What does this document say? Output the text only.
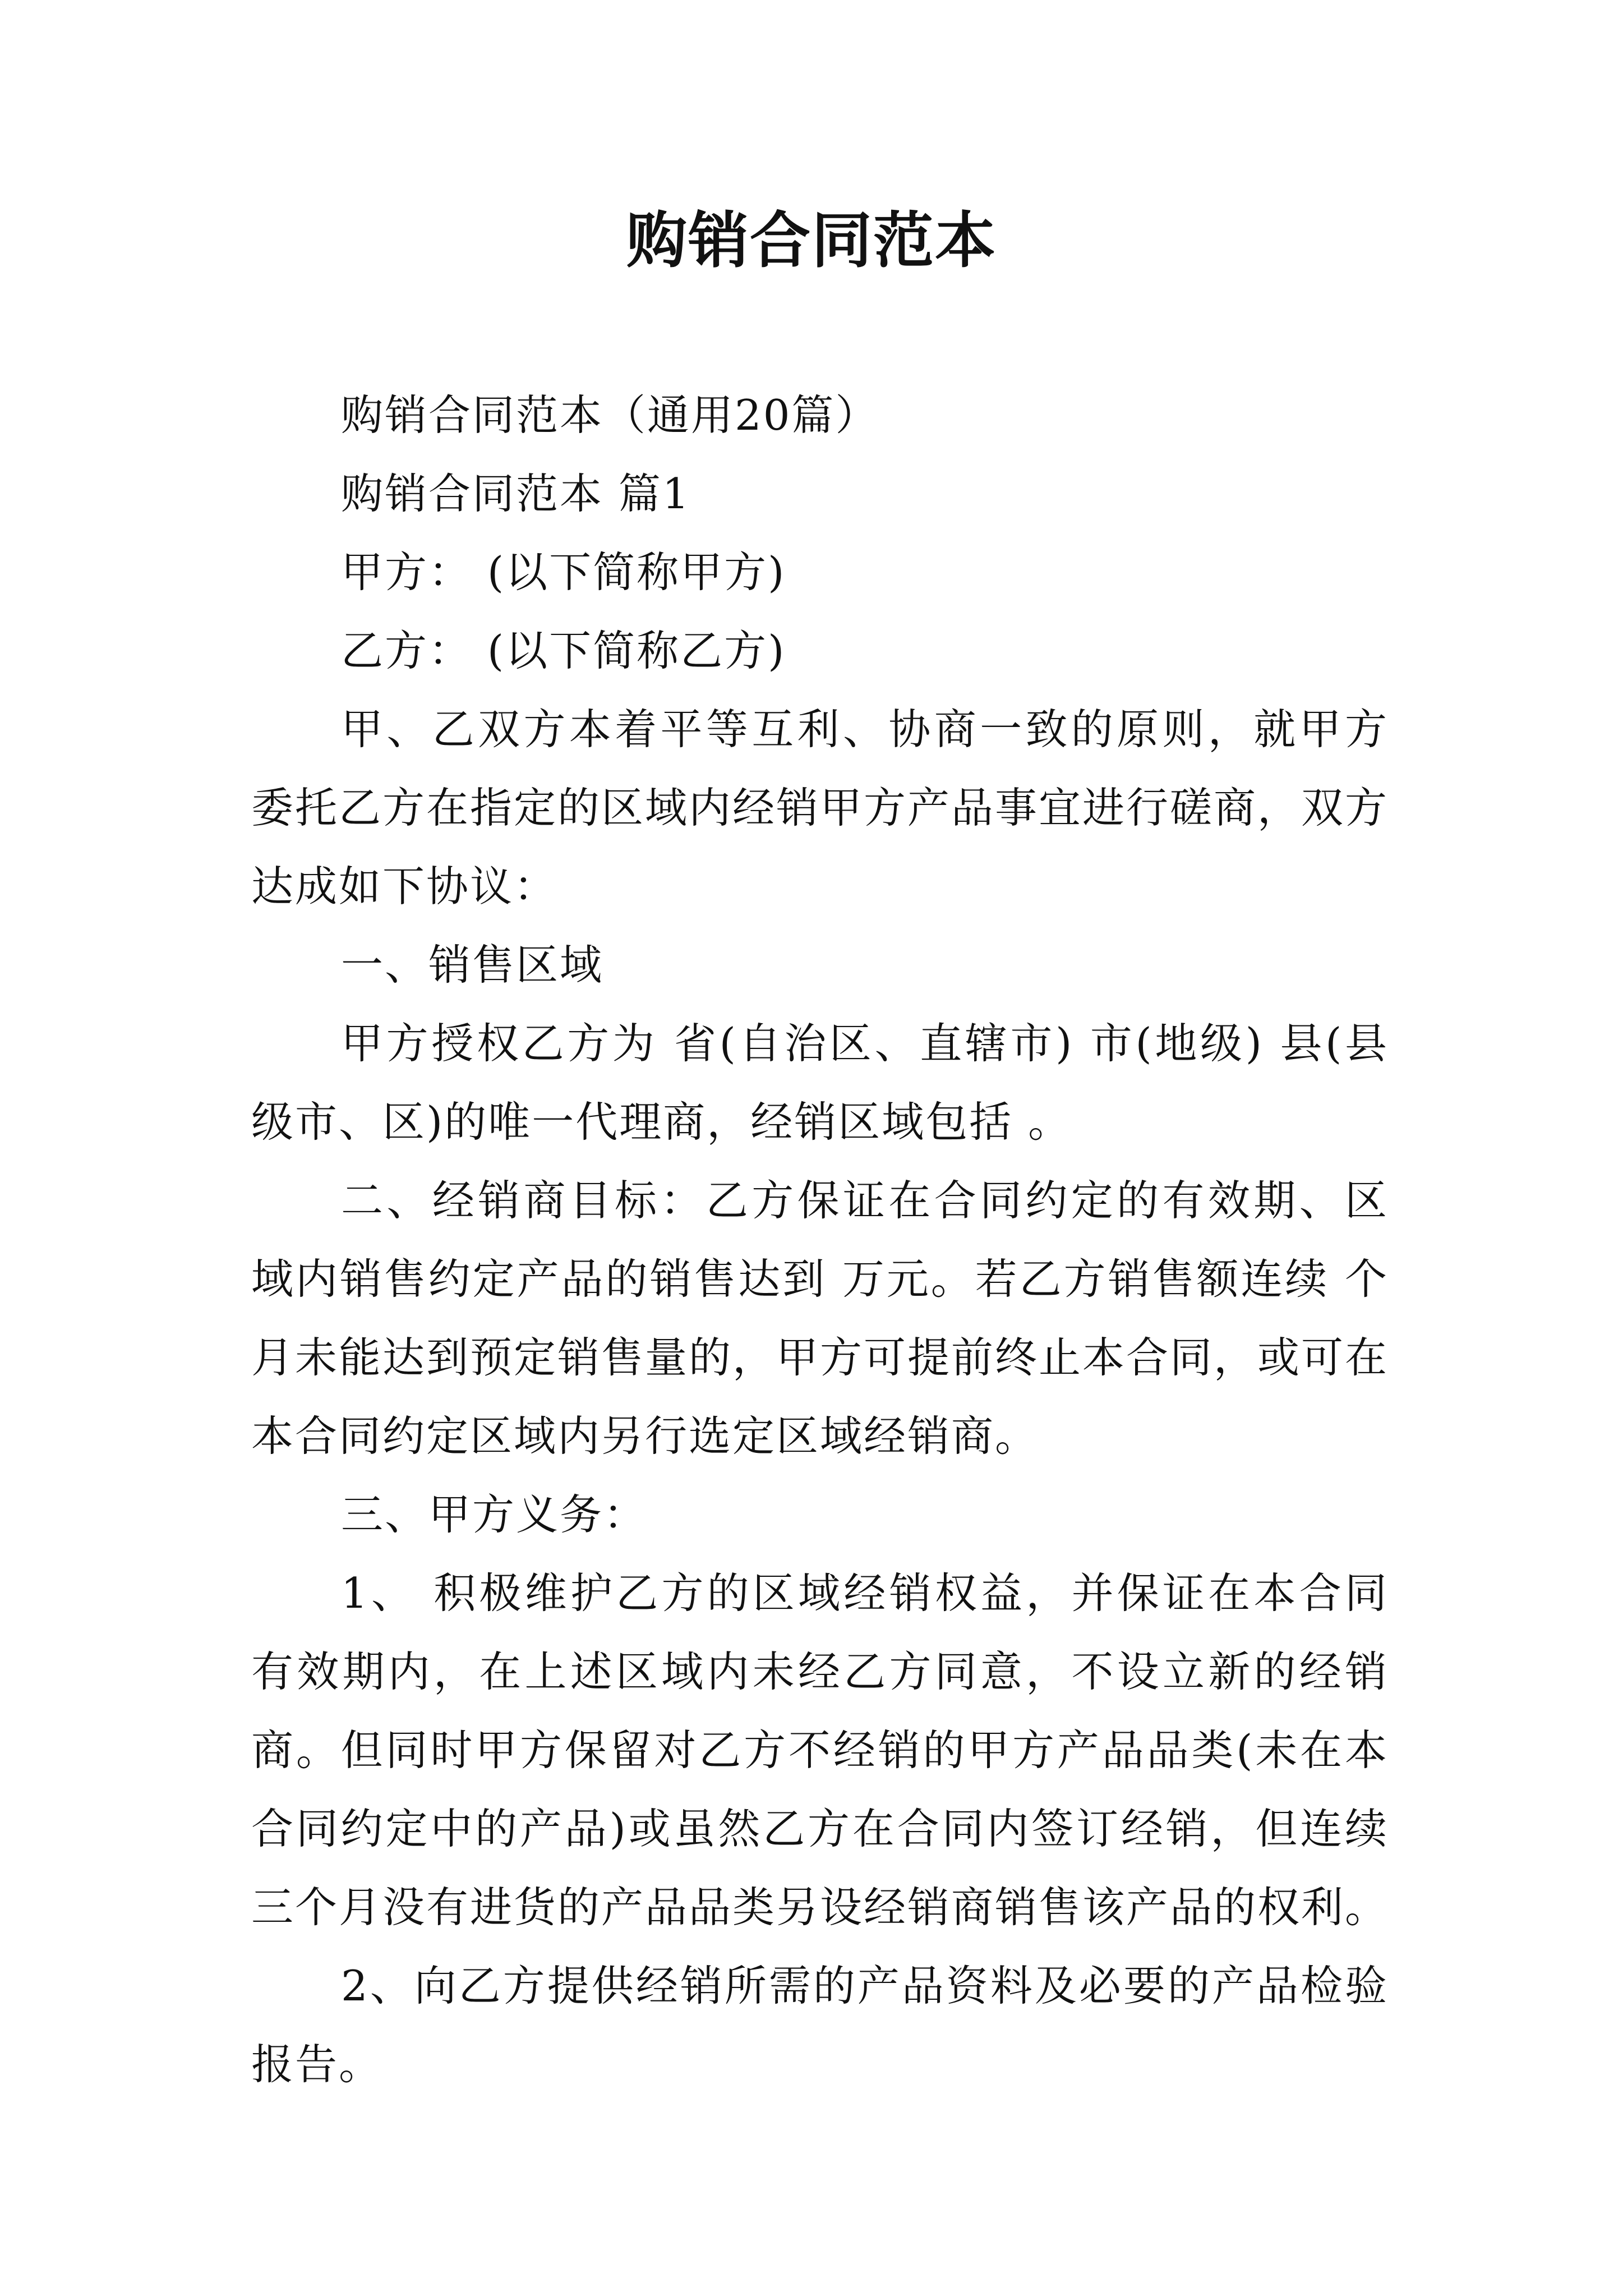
购销合同范本

购销合同范本（通用20篇）

购销合同范本 篇1

甲方： (以下简称甲方)

乙方： (以下简称乙方)

甲、乙双方本着平等互利、协商一致的原则，就甲方委托乙方在指定的区域内经销甲方产品事宜进行磋商，双方达成如下协议：

一、销售区域

甲方授权乙方为 省(自治区、直辖市) 市(地级) 县(县级市、区)的唯一代理商，经销区域包括 。

二、经销商目标：乙方保证在合同约定的有效期、区域内销售约定产品的销售达到 万元。若乙方销售额连续 个月未能达到预定销售量的，甲方可提前终止本合同，或可在本合同约定区域内另行选定区域经销商。

三、甲方义务：

1、 积极维护乙方的区域经销权益，并保证在本合同有效期内，在上述区域内未经乙方同意，不设立新的经销商。但同时甲方保留对乙方不经销的甲方产品品类(未在本合同约定中的产品)或虽然乙方在合同内签订经销，但连续三个月没有进货的产品品类另设经销商销售该产品的权利。

2、向乙方提供经销所需的产品资料及必要的产品检验报告。
